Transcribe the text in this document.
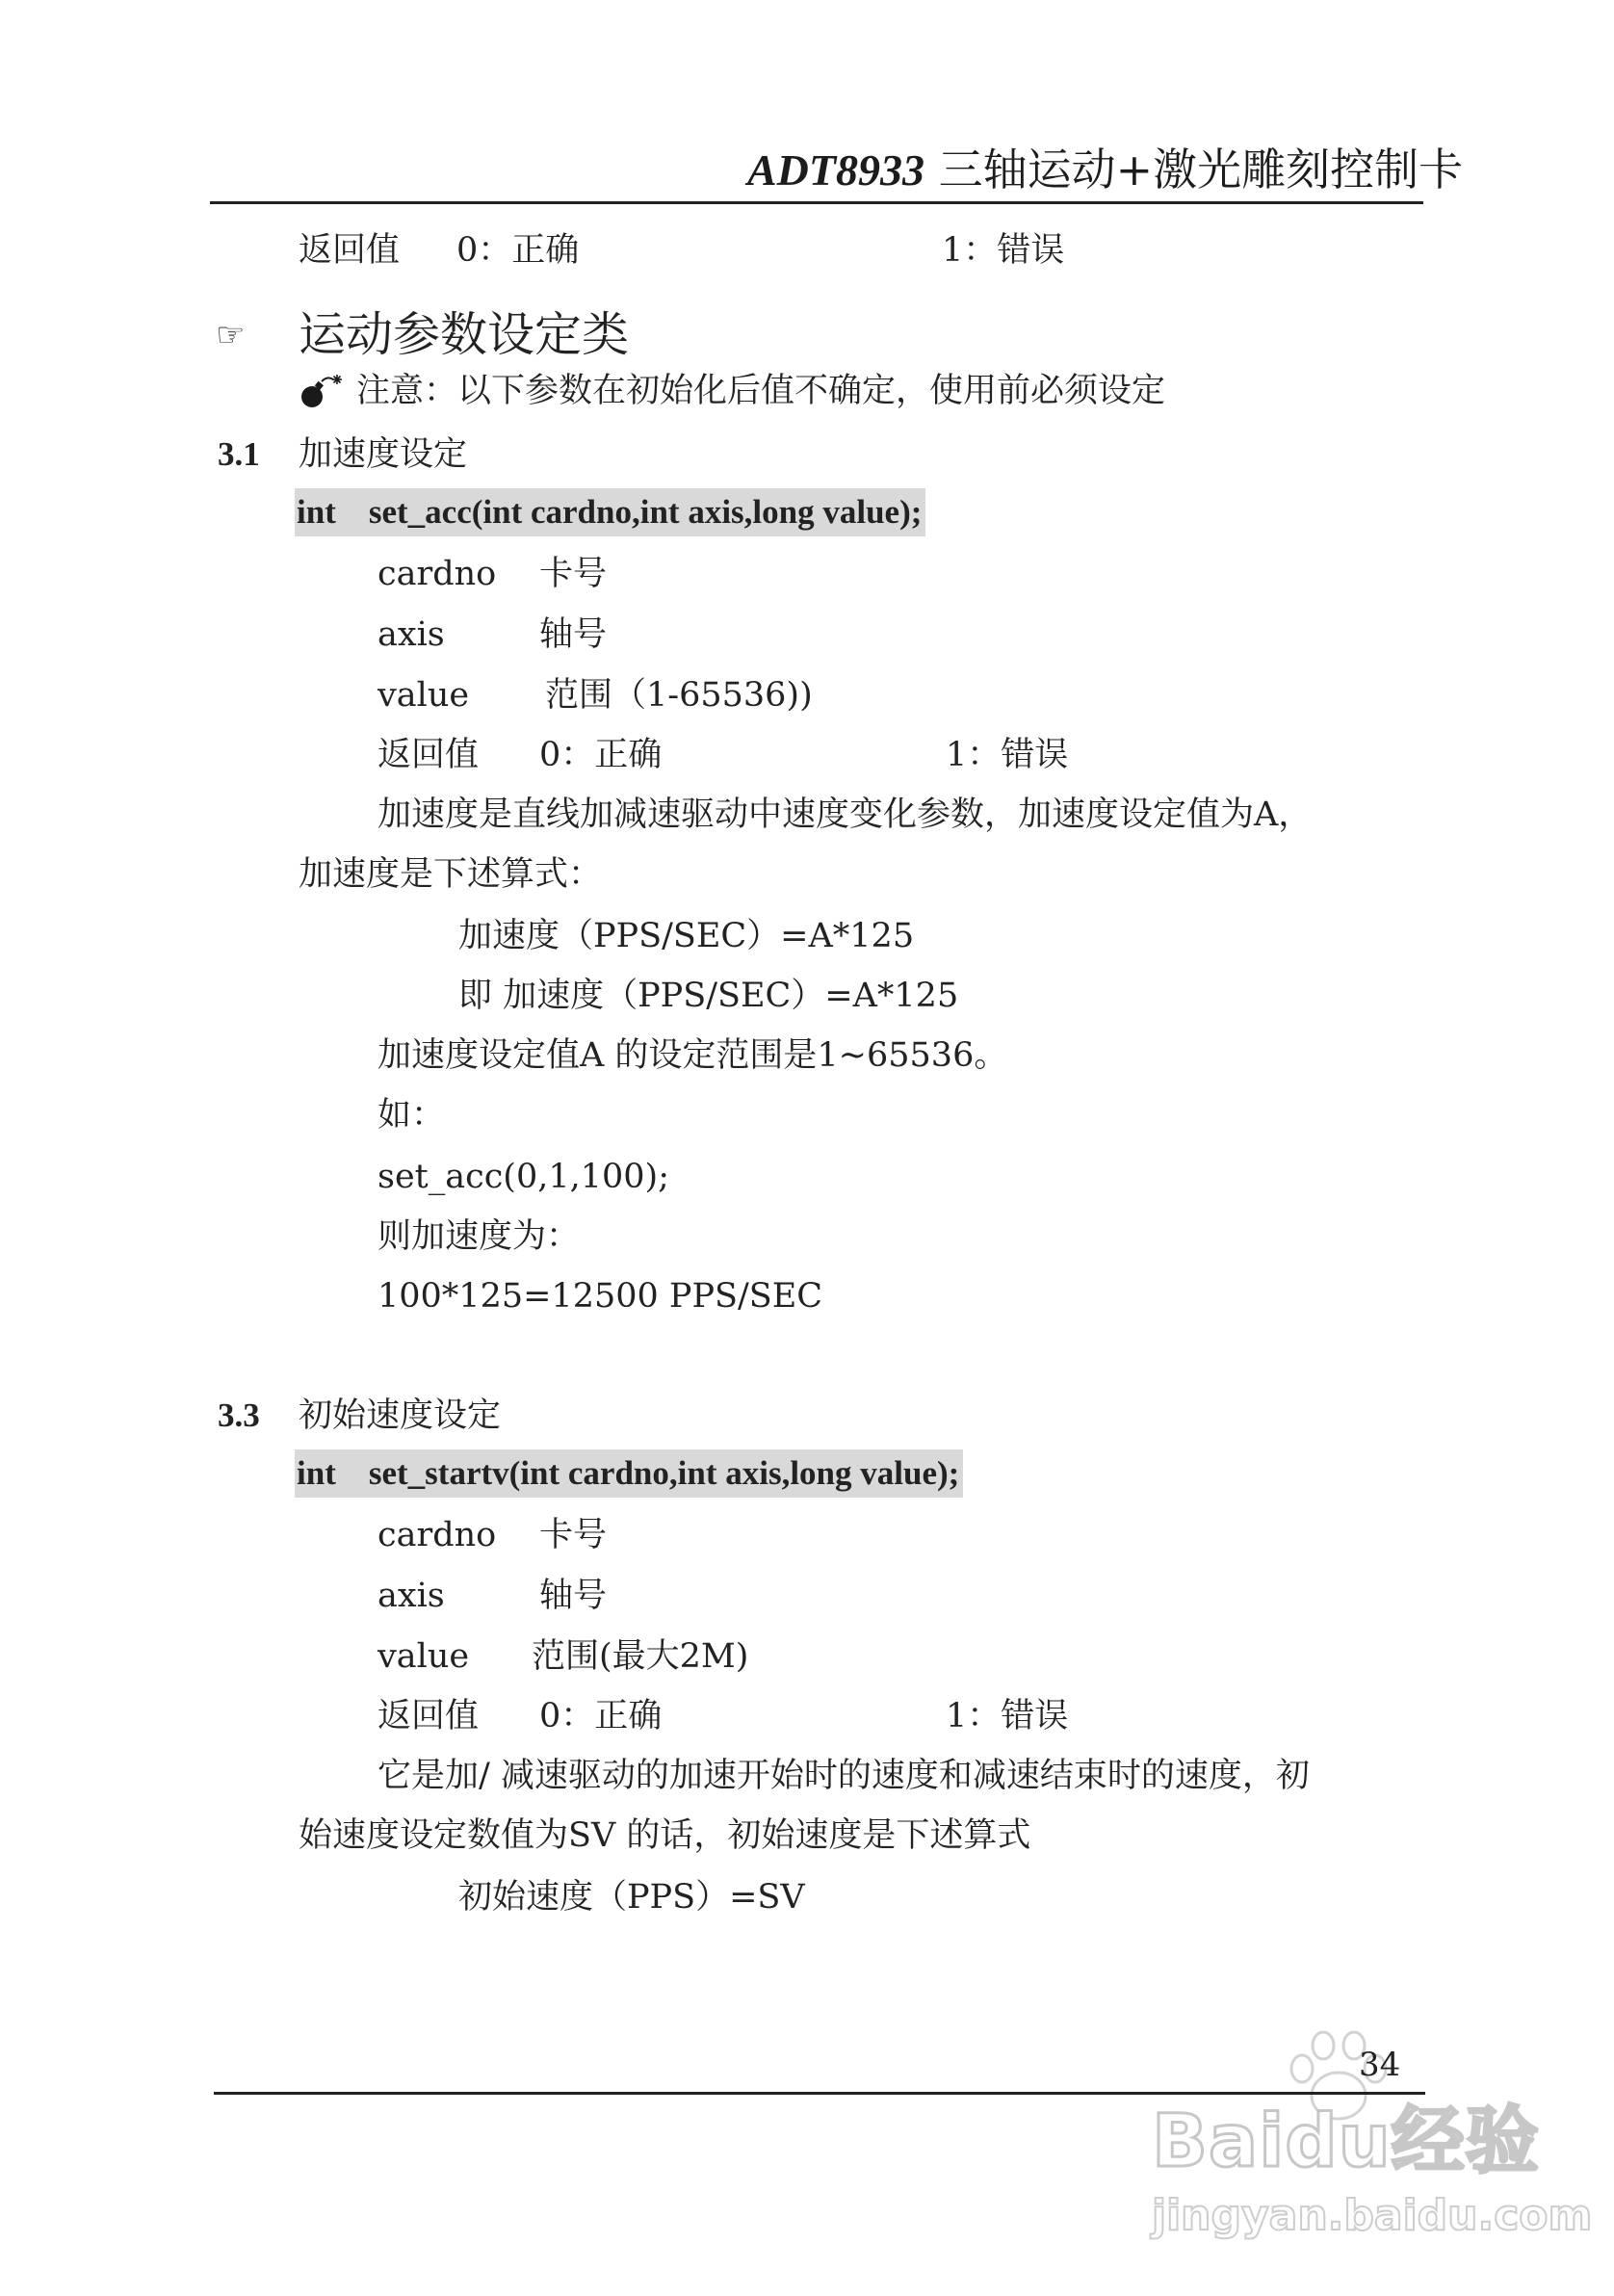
ADT8933 三轴运动+激光雕刻控制卡
返回值 0：正确	1：错误
☞ 运动参数设定类
注意：以下参数在初始化后值不确定，使用前必须设定
3.1 加速度设定
int set_acc(int cardno,int axis,long value);
cardno 卡号
axis	轴号
value 范围（1-65536))
返回值 0：正确	1：错误
加速度是直线加减速驱动中速度变化参数，加速度设定值为A，
加速度是下述算式：
加速度（PPS/SEC）=A*125
即 加速度（PPS/SEC）=A*125
加速度设定值A 的设定范围是1~65536。
如：
set_acc(0,1,100);
则加速度为：
100*125=12500 PPS/SEC
3.3 初始速度设定
int set_startv(int cardno,int axis,long value);
cardno 卡号
axis	轴号
value 范围(最大2M)
返回值 0：正确	1：错误
它是加/ 减速驱动的加速开始时的速度和减速结束时的速度，初
始速度设定数值为SV 的话，初始速度是下述算式
初始速度（PPS）=SV
34
Baidu经验
jingyan.baidu.com
